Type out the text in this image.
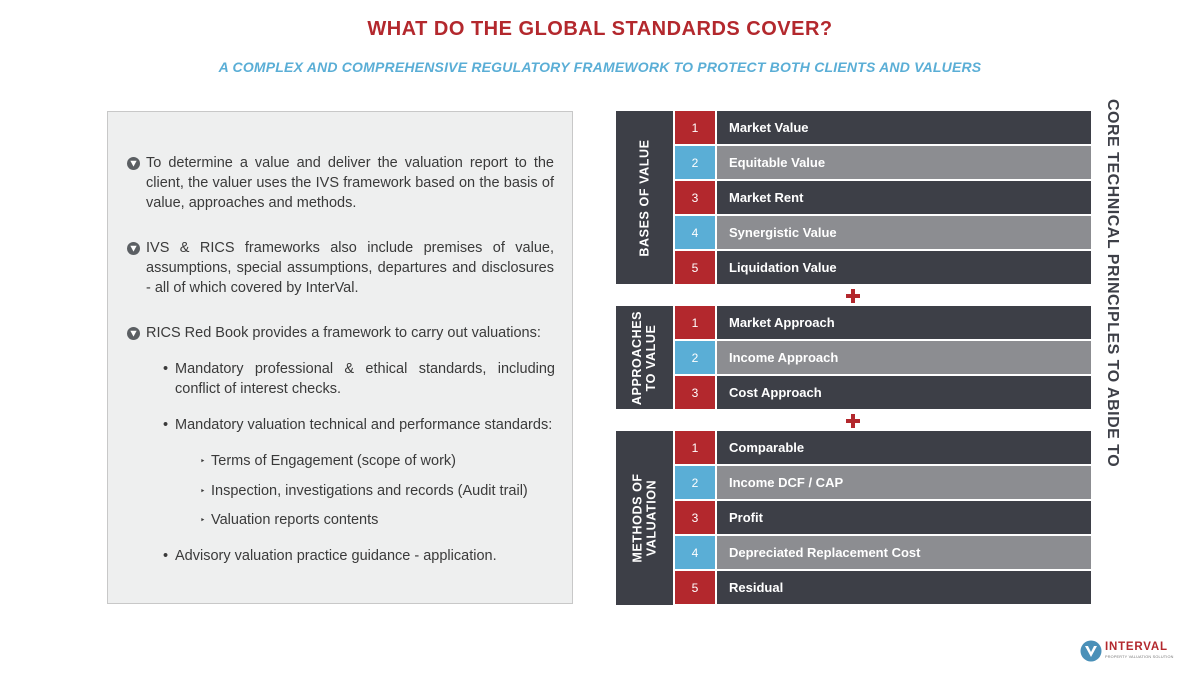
WHAT DO THE GLOBAL STANDARDS COVER?
A COMPLEX AND COMPREHENSIVE REGULATORY FRAMEWORK TO PROTECT BOTH CLIENTS AND VALUERS
To determine a value and deliver the valuation report to the client, the valuer uses the IVS framework based on the basis of value, approaches and methods.
IVS & RICS frameworks also include premises of value, assumptions, special assumptions, departures and disclosures - all of which covered by InterVal.
RICS Red Book provides a framework to carry out valuations:
• Mandatory professional & ethical standards, including conflict of interest checks.
• Mandatory valuation technical and performance standards:
‣ Terms of Engagement (scope of work)
‣ Inspection, investigations and records (Audit trail)
‣ Valuation reports contents
• Advisory valuation practice guidance - application.
BASES OF VALUE
1	Market Value
2	Equitable Value
3	Market Rent
4	Synergistic Value
5	Liquidation Value
APPROACHES TO VALUE
1	Market Approach
2	Income Approach
3	Cost Approach
METHODS OF VALUATION
1	Comparable
2	Income DCF / CAP
3	Profit
4	Depreciated Replacement Cost
5	Residual
CORE TECHNICAL PRINCIPLES TO ABIDE TO
INTERVAL
PROPERTY VALUATION SOLUTION
